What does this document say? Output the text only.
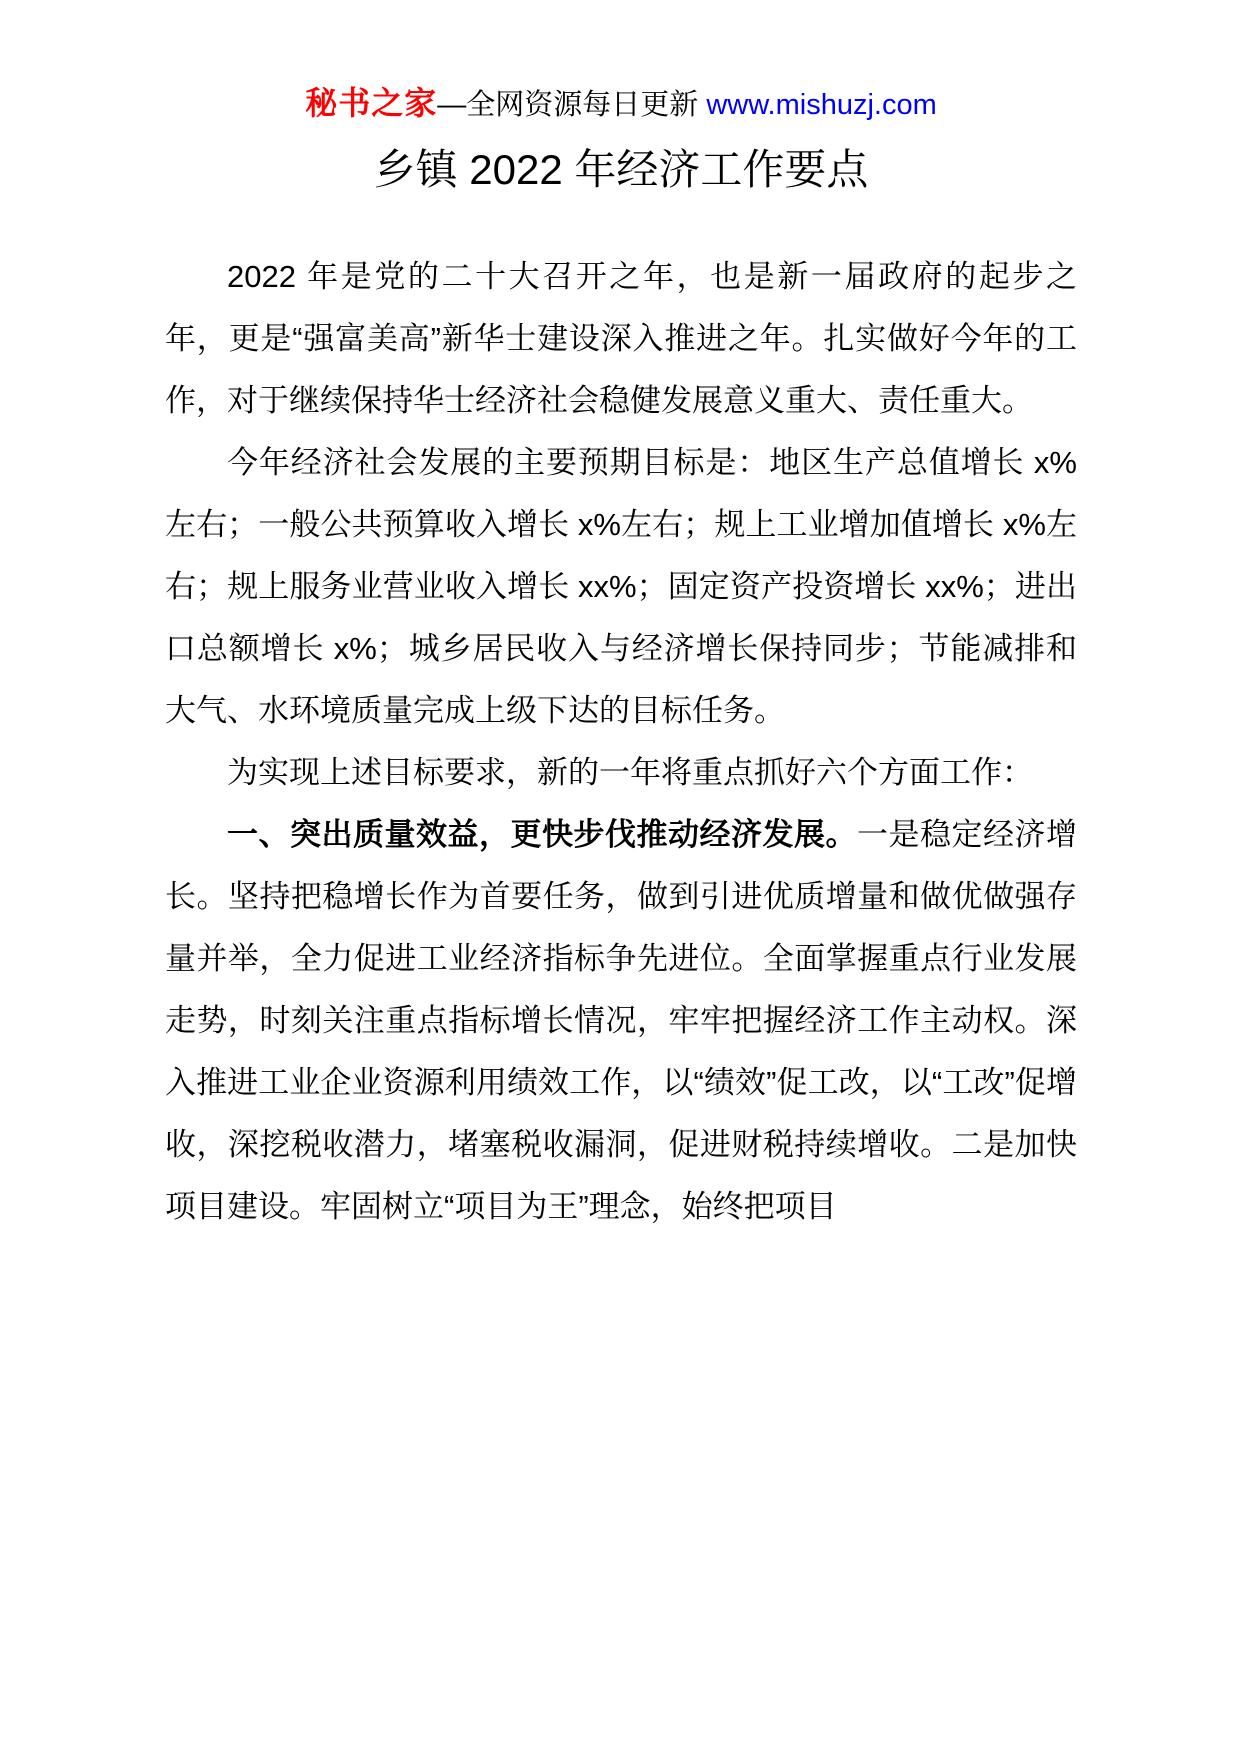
秘书之家—全网资源每日更新 www.mishuzj.com
乡镇 2022 年经济工作要点

2022 年是党的二十大召开之年，也是新一届政府的起步之年，更是“强富美高”新华士建设深入推进之年。扎实做好今年的工作，对于继续保持华士经济社会稳健发展意义重大、责任重大。

今年经济社会发展的主要预期目标是：地区生产总值增长 x%左右；一般公共预算收入增长 x%左右；规上工业增加值增长 x%左右；规上服务业营业收入增长 xx%；固定资产投资增长 xx%；进出口总额增长 x%；城乡居民收入与经济增长保持同步；节能减排和大气、水环境质量完成上级下达的目标任务。

为实现上述目标要求，新的一年将重点抓好六个方面工作：

一、突出质量效益，更快步伐推动经济发展。一是稳定经济增长。坚持把稳增长作为首要任务，做到引进优质增量和做优做强存量并举，全力促进工业经济指标争先进位。全面掌握重点行业发展走势，时刻关注重点指标增长情况，牢牢把握经济工作主动权。深入推进工业企业资源利用绩效工作，以“绩效”促工改，以“工改”促增收，深挖税收潜力，堵塞税收漏洞，促进财税持续增收。二是加快项目建设。牢固树立“项目为王”理念，始终把项目
